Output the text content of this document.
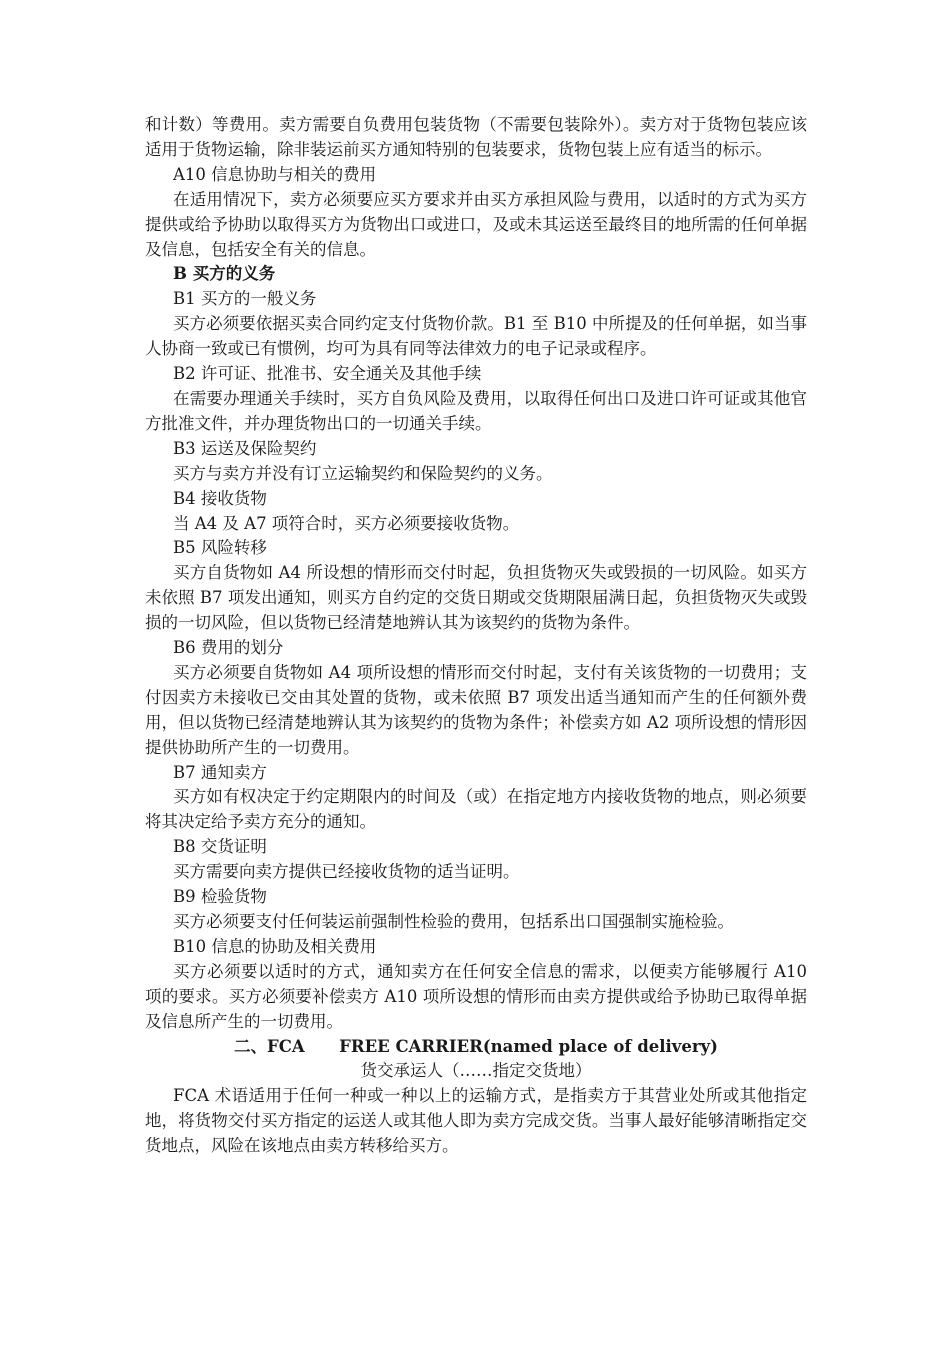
和计数）等费用。卖方需要自负费用包装货物（不需要包装除外）。卖方对于货物包装应该适用于货物运输，除非装运前买方通知特别的包装要求，货物包装上应有适当的标示。

A10 信息协助与相关的费用

在适用情况下，卖方必须要应买方要求并由买方承担风险与费用，以适时的方式为买方提供或给予协助以取得买方为货物出口或进口，及或未其运送至最终目的地所需的任何单据及信息，包括安全有关的信息。

B 买方的义务

B1 买方的一般义务

买方必须要依据买卖合同约定支付货物价款。B1 至 B10 中所提及的任何单据，如当事人协商一致或已有惯例，均可为具有同等法律效力的电子记录或程序。

B2 许可证、批准书、安全通关及其他手续

在需要办理通关手续时，买方自负风险及费用，以取得任何出口及进口许可证或其他官方批准文件，并办理货物出口的一切通关手续。

B3 运送及保险契约

买方与卖方并没有订立运输契约和保险契约的义务。

B4 接收货物

当 A4 及 A7 项符合时，买方必须要接收货物。

B5 风险转移

买方自货物如 A4 所设想的情形而交付时起，负担货物灭失或毁损的一切风险。如买方未依照 B7 项发出通知，则买方自约定的交货日期或交货期限届满日起，负担货物灭失或毁损的一切风险，但以货物已经清楚地辨认其为该契约的货物为条件。

B6 费用的划分

买方必须要自货物如 A4 项所设想的情形而交付时起，支付有关该货物的一切费用；支付因卖方未接收已交由其处置的货物，或未依照 B7 项发出适当通知而产生的任何额外费用，但以货物已经清楚地辨认其为该契约的货物为条件；补偿卖方如 A2 项所设想的情形因提供协助所产生的一切费用。

B7 通知卖方

买方如有权决定于约定期限内的时间及（或）在指定地方内接收货物的地点，则必须要将其决定给予卖方充分的通知。

B8 交货证明

买方需要向卖方提供已经接收货物的适当证明。

B9 检验货物

买方必须要支付任何装运前强制性检验的费用，包括系出口国强制实施检验。

B10 信息的协助及相关费用

买方必须要以适时的方式，通知卖方在任何安全信息的需求，以便卖方能够履行 A10 项的要求。买方必须要补偿卖方 A10 项所设想的情形而由卖方提供或给予协助已取得单据及信息所产生的一切费用。

二、FCA      FREE CARRIER(named place of delivery)

货交承运人（……指定交货地）

FCA 术语适用于任何一种或一种以上的运输方式，是指卖方于其营业处所或其他指定地，将货物交付买方指定的运送人或其他人即为卖方完成交货。当事人最好能够清晰指定交货地点，风险在该地点由卖方转移给买方。
